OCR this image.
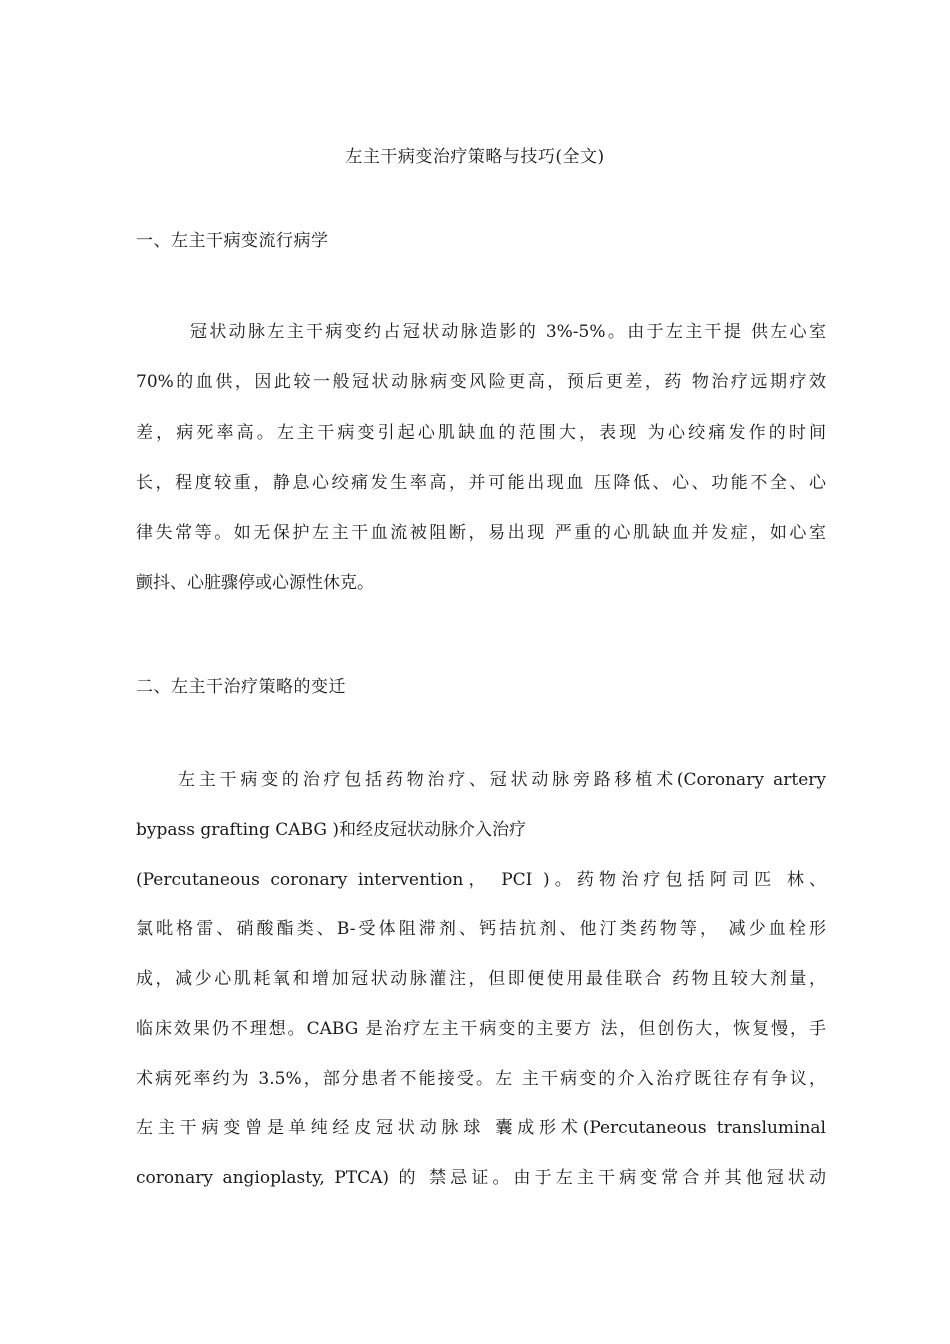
左主干病变治疗策略与技巧(全文)
一、左主干病变流行病学
冠状动脉左主干病变约占冠状动脉造影的 3%-5%。由于左主干提 供左心室
70%的血供，因此较一般冠状动脉病变风险更高，预后更差，药 物治疗远期疗效
差，病死率高。左主干病变引起心肌缺血的范围大，表现 为心绞痛发作的时间
长，程度较重，静息心绞痛发生率高，并可能出现血 压降低、心、功能不全、心
律失常等。如无保护左主干血流被阻断，易出现 严重的心肌缺血并发症，如心室
颤抖、心脏骤停或心源性休克。
二、左主干治疗策略的变迁
左主干病变的治疗包括药物治疗、冠状动脉旁路移植术(Coronary artery
bypass grafting CABG )和经皮冠状动脉介入治疗
(Percutaneous coronary intervention， PCI )。药物治疗包括阿司匹 林、
氯吡格雷、硝酸酯类、B-受体阻滞剂、钙拮抗剂、他汀类药物等， 减少血栓形
成，减少心肌耗氧和增加冠状动脉灌注，但即便使用最佳联合 药物且较大剂量，
临床效果仍不理想。CABG 是治疗左主干病变的主要方 法，但创伤大，恢复慢，手
术病死率约为 3.5%，部分患者不能接受。左 主干病变的介入治疗既往存有争议，
左主干病变曾是单纯经皮冠状动脉球 囊成形术(Percutaneous transluminal
coronary angioplasty, PTCA) 的 禁忌证。由于左主干病变常合并其他冠状动
